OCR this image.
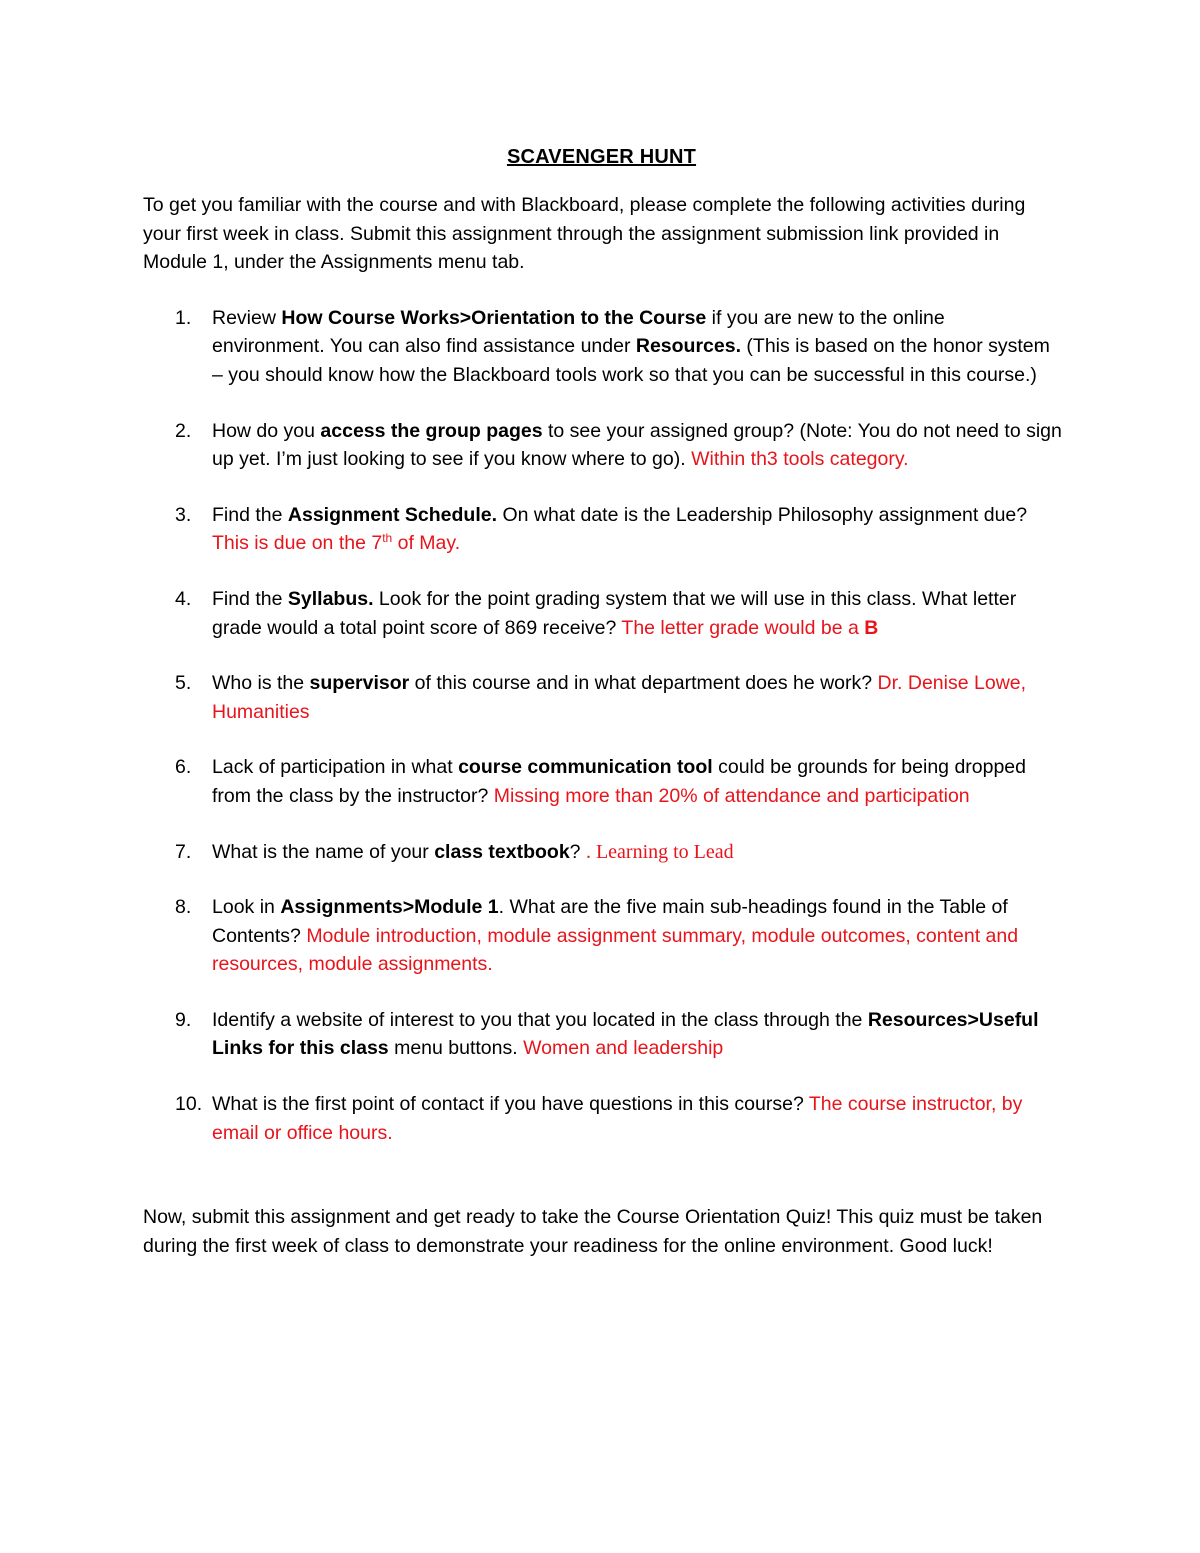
SCAVENGER HUNT

To get you familiar with the course and with Blackboard, please complete the following activities during your first week in class. Submit this assignment through the assignment submission link provided in Module 1, under the Assignments menu tab.

1. Review How Course Works>Orientation to the Course if you are new to the online environment. You can also find assistance under Resources. (This is based on the honor system – you should know how the Blackboard tools work so that you can be successful in this course.)
2. How do you access the group pages to see your assigned group? (Note: You do not need to sign up yet. I’m just looking to see if you know where to go). Within th3 tools category.
3. Find the Assignment Schedule. On what date is the Leadership Philosophy assignment due? This is due on the 7th of May.
4. Find the Syllabus. Look for the point grading system that we will use in this class. What letter grade would a total point score of 869 receive? The letter grade would be a B
5. Who is the supervisor of this course and in what department does he work? Dr. Denise Lowe, Humanities
6. Lack of participation in what course communication tool could be grounds for being dropped from the class by the instructor? Missing more than 20% of attendance and participation
7. What is the name of your class textbook? . Learning to Lead
8. Look in Assignments>Module 1. What are the five main sub-headings found in the Table of Contents? Module introduction, module assignment summary, module outcomes, content and resources, module assignments.
9. Identify a website of interest to you that you located in the class through the Resources>Useful Links for this class menu buttons. Women and leadership
10. What is the first point of contact if you have questions in this course? The course instructor, by email or office hours.

Now, submit this assignment and get ready to take the Course Orientation Quiz! This quiz must be taken during the first week of class to demonstrate your readiness for the online environment. Good luck!
